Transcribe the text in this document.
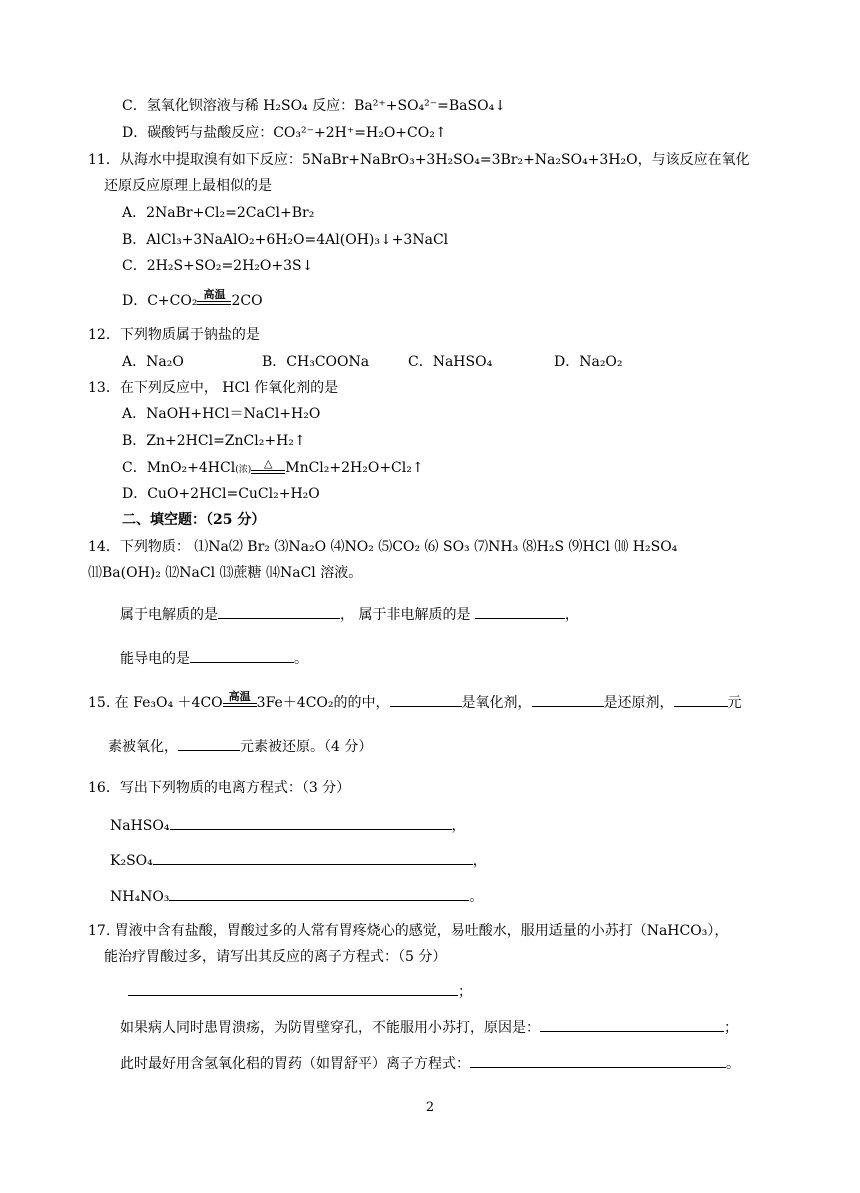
C．氢氧化钡溶液与稀 H₂SO₄ 反应：Ba²⁺+SO₄²⁻=BaSO₄↓
D．碳酸钙与盐酸反应：CO₃²⁻+2H⁺=H₂O+CO₂↑
11．从海水中提取溴有如下反应：5NaBr+NaBrO₃+3H₂SO₄=3Br₂+Na₂SO₄+3H₂O，与该反应在氧化
还原反应原理上最相似的是
A．2NaBr+Cl₂=2CaCl+Br₂
B．AlCl₃+3NaAlO₂+6H₂O=4Al(OH)₃↓+3NaCl
C．2H₂S+SO₂=2H₂O+3S↓
D．C+CO₂ 高温 2CO
12．下列物质属于钠盐的是
A．Na₂O	B．CH₃COONa	C．NaHSO₄	D．Na₂O₂
13．在下列反应中， HCl 作氧化剂的是
A．NaOH+HCl＝NaCl+H₂O
B．Zn+2HCl=ZnCl₂+H₂↑
C．MnO₂+4HCl(浓)	△ MnCl₂+2H₂O+Cl₂↑
D．CuO+2HCl=CuCl₂+H₂O
二、填空题：（25 分）
14．下列物质： ⑴Na⑵ Br₂ ⑶Na₂O ⑷NO₂ ⑸CO₂ ⑹ SO₃ ⑺NH₃ ⑻H₂S ⑼HCl ⑽ H₂SO₄
⑾Ba(OH)₂ ⑿NaCl ⒀蔗糖 ⒁NaCl 溶液。
属于电解质的是	， 属于非电解质的是	，
能导电的是	。
15. 在 Fe₃O₄ ＋4CO 高温 3Fe＋4CO₂的的中，	是氧化剂，	是还原剂，	元
素被氧化，	元素被还原。（4 分）
16．写出下列物质的电离方程式：（3 分）
NaHSO₄	，
K₂SO₄	，
NH₄NO₃	。
17. 胃液中含有盐酸，胃酸过多的人常有胃疼烧心的感觉，易吐酸水，服用适量的小苏打（NaHCO₃），
能治疗胃酸过多，请写出其反应的离子方程式：（5 分）
；
如果病人同时患胃溃疡，为防胃壁穿孔，不能服用小苏打，原因是：	；
此时最好用含氢氧化稆的胃药（如胃舒平）离子方程式：	。
2
